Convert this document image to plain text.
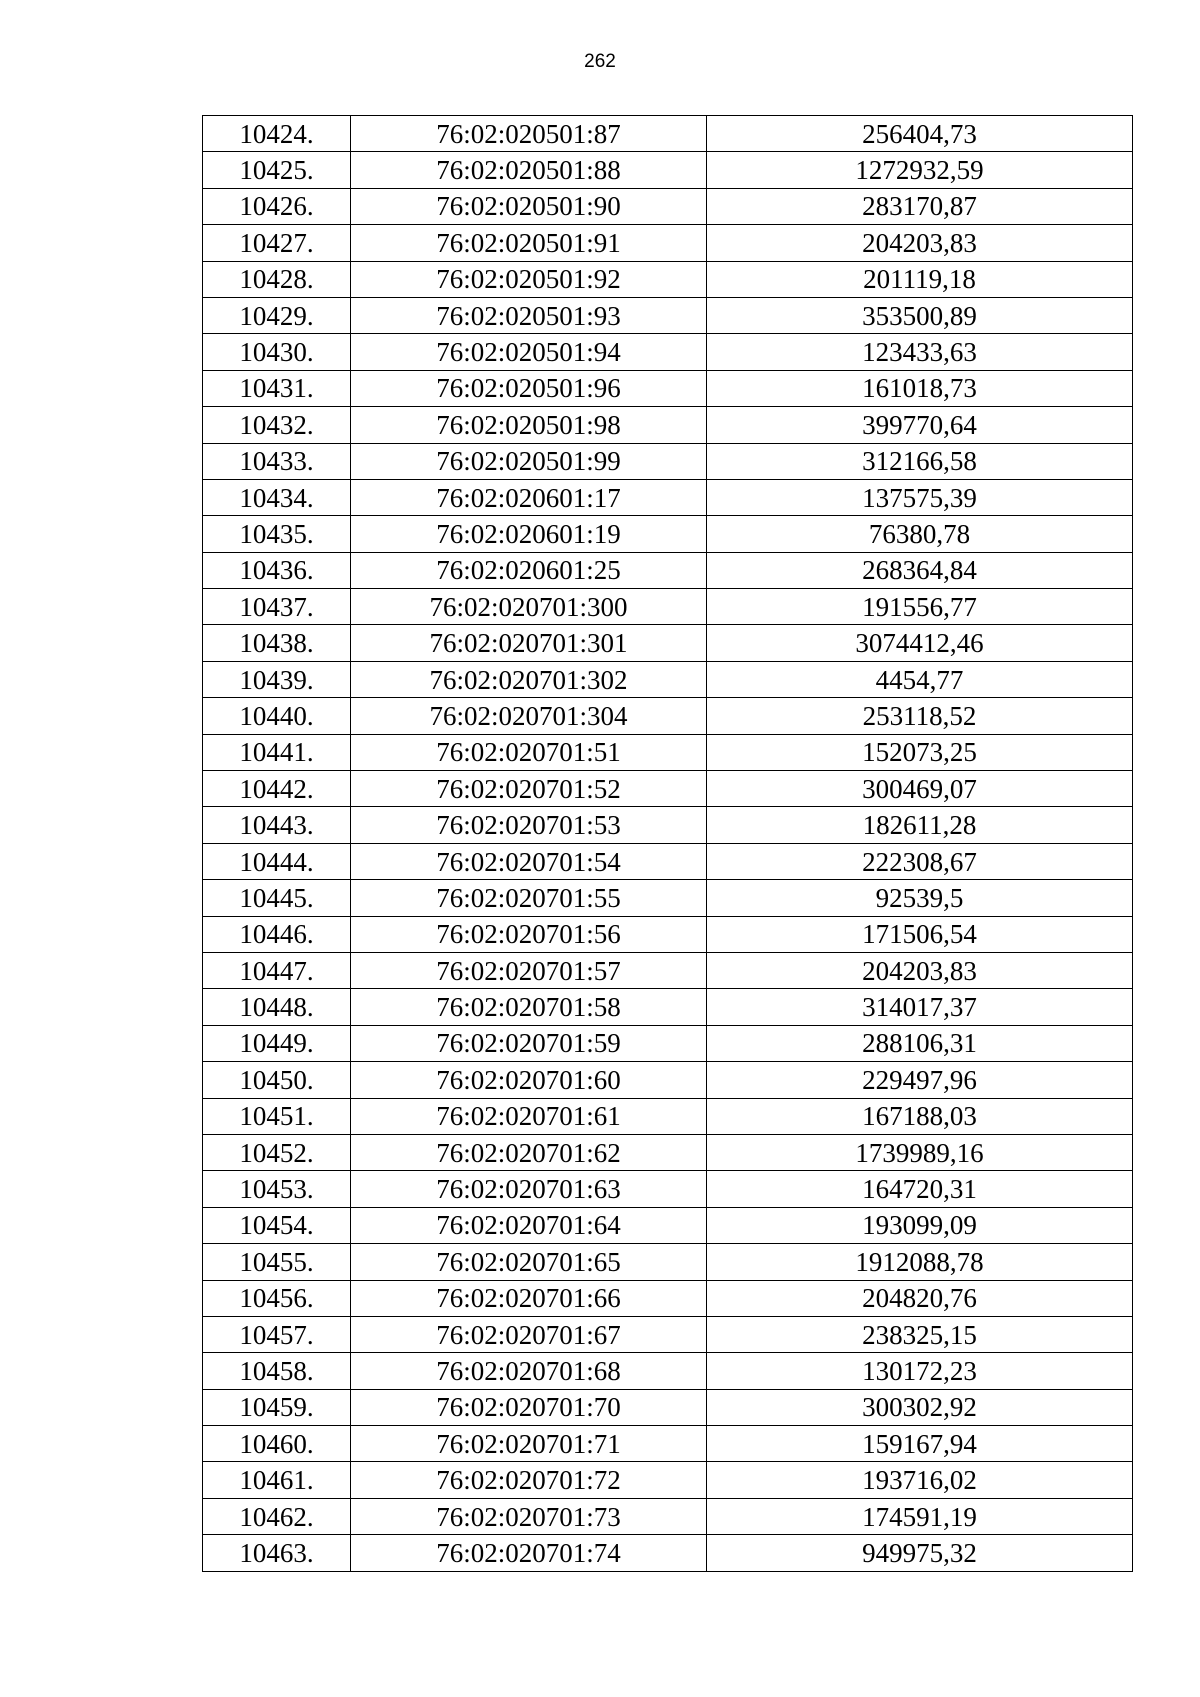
262
10424.	76:02:020501:87	256404,73
10425.	76:02:020501:88	1272932,59
10426.	76:02:020501:90	283170,87
10427.	76:02:020501:91	204203,83
10428.	76:02:020501:92	201119,18
10429.	76:02:020501:93	353500,89
10430.	76:02:020501:94	123433,63
10431.	76:02:020501:96	161018,73
10432.	76:02:020501:98	399770,64
10433.	76:02:020501:99	312166,58
10434.	76:02:020601:17	137575,39
10435.	76:02:020601:19	76380,78
10436.	76:02:020601:25	268364,84
10437.	76:02:020701:300	191556,77
10438.	76:02:020701:301	3074412,46
10439.	76:02:020701:302	4454,77
10440.	76:02:020701:304	253118,52
10441.	76:02:020701:51	152073,25
10442.	76:02:020701:52	300469,07
10443.	76:02:020701:53	182611,28
10444.	76:02:020701:54	222308,67
10445.	76:02:020701:55	92539,5
10446.	76:02:020701:56	171506,54
10447.	76:02:020701:57	204203,83
10448.	76:02:020701:58	314017,37
10449.	76:02:020701:59	288106,31
10450.	76:02:020701:60	229497,96
10451.	76:02:020701:61	167188,03
10452.	76:02:020701:62	1739989,16
10453.	76:02:020701:63	164720,31
10454.	76:02:020701:64	193099,09
10455.	76:02:020701:65	1912088,78
10456.	76:02:020701:66	204820,76
10457.	76:02:020701:67	238325,15
10458.	76:02:020701:68	130172,23
10459.	76:02:020701:70	300302,92
10460.	76:02:020701:71	159167,94
10461.	76:02:020701:72	193716,02
10462.	76:02:020701:73	174591,19
10463.	76:02:020701:74	949975,32
